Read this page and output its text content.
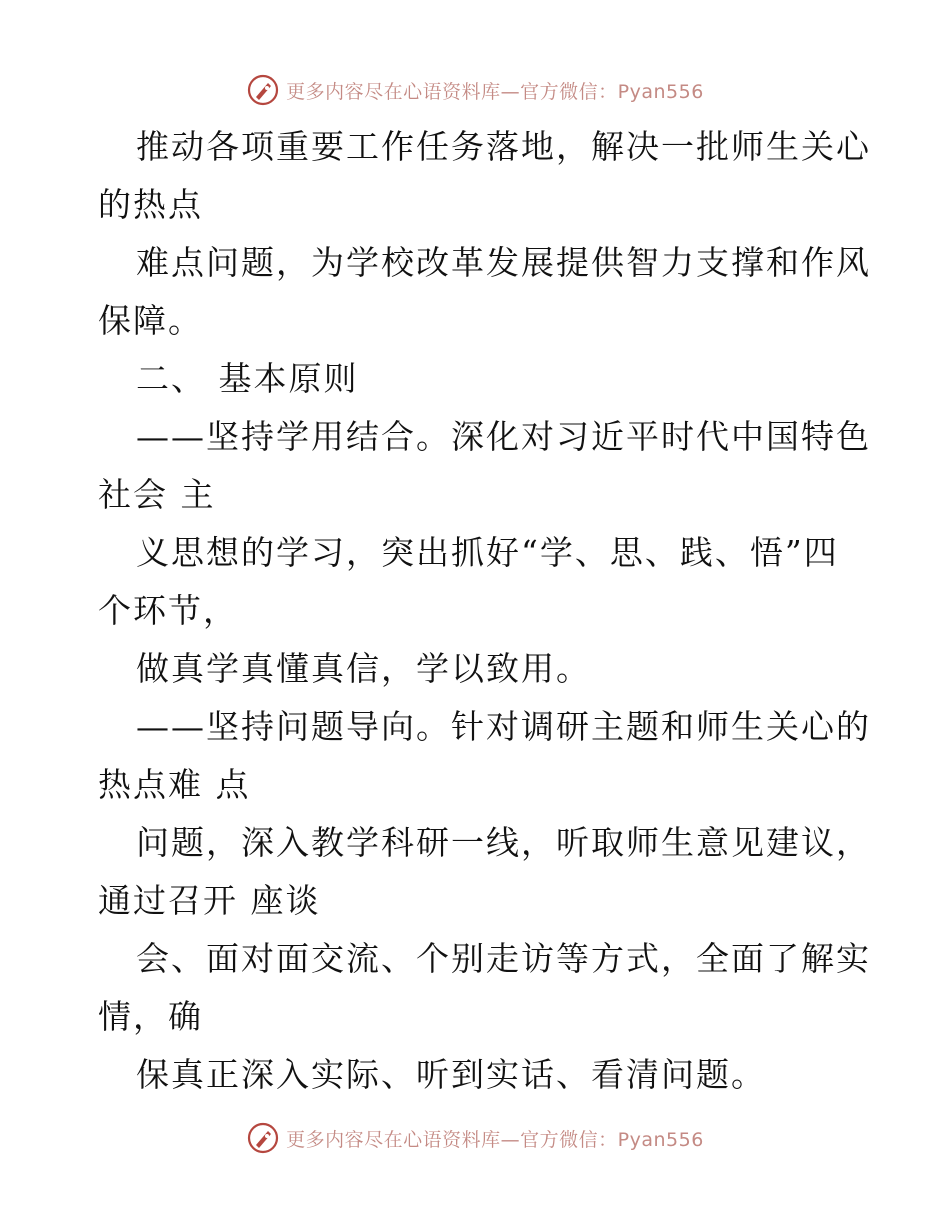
更多内容尽在心语资料库—官方微信：Pyan556
推动各项重要工作任务落地，解决一批师生关心
的热点
难点问题，为学校改革发展提供智力支撑和作风
保障。
二、 基本原则
——坚持学用结合。深化对习近平时代中国特色
社会 主
义思想的学习，突出抓好“学、思、践、悟”四
个环节，
做真学真懂真信，学以致用。
——坚持问题导向。针对调研主题和师生关心的
热点难 点
问题，深入教学科研一线，听取师生意见建议，
通过召开 座谈
会、面对面交流、个别走访等方式，全面了解实
情，确
保真正深入实际、听到实话、看清问题。
更多内容尽在心语资料库—官方微信：Pyan556
